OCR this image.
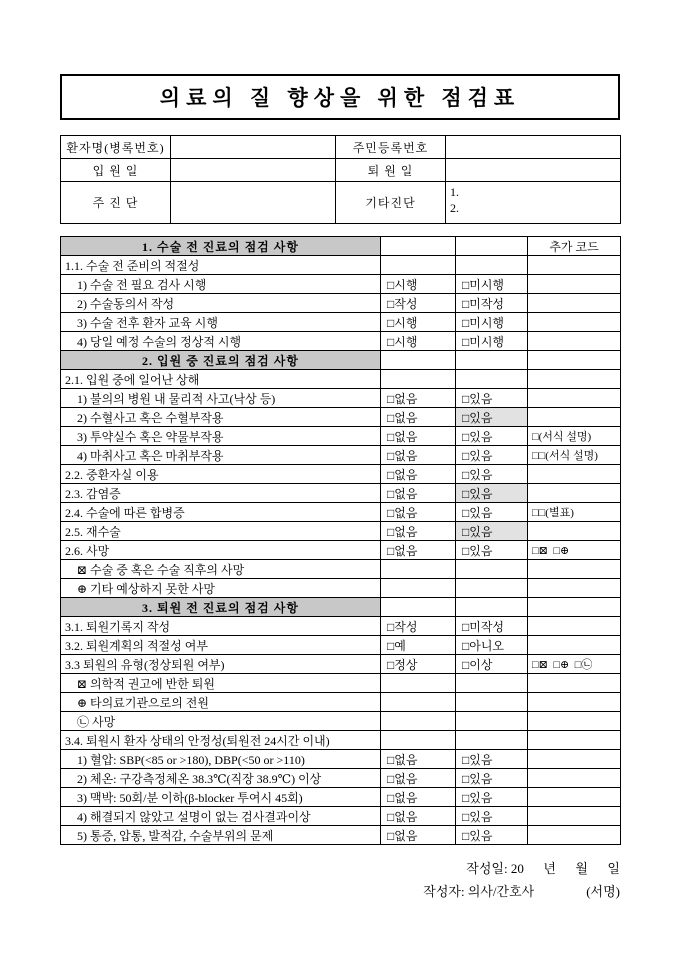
의료의 질 향상을 위한 점검표
환자명(병록번호)		주민등록번호	
입 원 일		퇴 원 일	
주 진 단		기타진단	1.
2.
1. 수술 전 진료의 점검 사항			추가 코드
1.1. 수술 전 준비의 적절성			
1) 수술 전 필요 검사 시행	□시행	□미시행	
2) 수술동의서 작성	□작성	□미작성	
3) 수술 전후 환자 교육 시행	□시행	□미시행	
4) 당일 예정 수술의 정상적 시행	□시행	□미시행	
2. 입원 중 진료의 점검 사항			
2.1. 입원 중에 일어난 상해			
1) 불의의 병원 내 물리적 사고(낙상 등)	□없음	□있음	
2) 수혈사고 혹은 수혈부작용	□없음	□있음	
3) 투약실수 혹은 약물부작용	□없음	□있음	□(서식 설명)
4) 마취사고 혹은 마취부작용	□없음	□있음	□□(서식 설명)
2.2. 중환자실 이용	□없음	□있음	
2.3. 감염증	□없음	□있음	
2.4. 수술에 따른 합병증	□없음	□있음	□□(별표)
2.5. 재수술	□없음	□있음	
2.6. 사망	□없음	□있음	□⊠  □⊕
⊠ 수술 중 혹은 수술 직후의 사망			
⊕ 기타 예상하지 못한 사망			
3. 퇴원 전 진료의 점검 사항			
3.1. 퇴원기록지 작성	□작성	□미작성	
3.2. 퇴원계획의 적절성 여부	□예	□아니오	
3.3 퇴원의 유형(정상퇴원 여부)	□정상	□이상	□⊠  □⊕  □㉡
⊠ 의학적 권고에 반한 퇴원			
⊕ 타의료기관으로의 전원			
㉡ 사망			
3.4. 퇴원시 환자 상태의 안정성(퇴원전 24시간 이내)			
1) 혈압: SBP(<85 or >180), DBP(<50 or >110)	□없음	□있음	
2) 체온: 구강측정체온 38.3℃(직장 38.9℃) 이상	□없음	□있음	
3) 맥박: 50회/분 이하(β-blocker 투여시 45회)	□없음	□있음	
4) 해결되지 않았고 설명이 없는 검사결과이상	□없음	□있음	
5) 통증, 압통, 발적감, 수술부위의 문제	□없음	□있음	
작성일: 20      년      월      일
작성자: 의사/간호사                (서명)
